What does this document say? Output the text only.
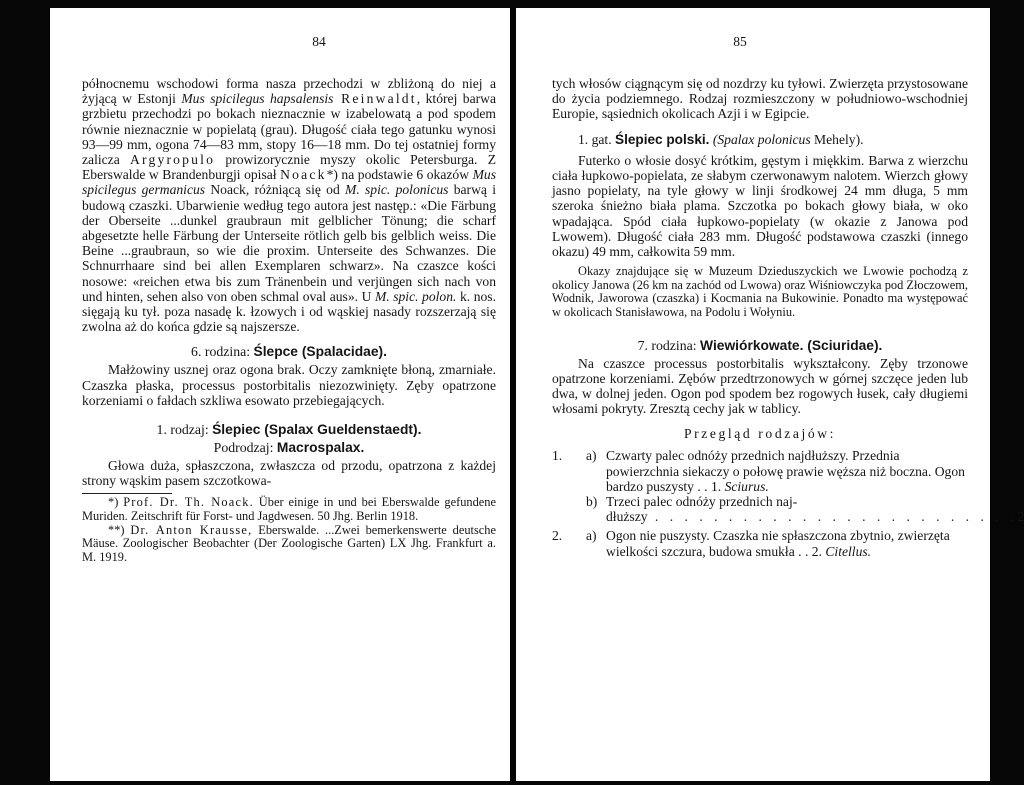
84

północnemu wschodowi forma nasza przechodzi w zbliżoną do niej a żyjącą w Estonji Mus spicilegus hapsalensis Reinwaldt, której barwa grzbietu przechodzi po bokach nieznacznie w izabelowatą a pod spodem równie nieznacznie w popielatą (grau). Długość ciała tego gatunku wynosi 93—99 mm, ogona 74—83 mm, stopy 16—18 mm. Do tej ostatniej formy zalicza Argyropulo prowizorycznie myszy okolic Petersburga. Z Eberswalde w Brandenburgji opisał Noack*) na podstawie 6 okazów Mus spicilegus germanicus Noack, różniącą się od M. spic. polonicus barwą i budową czaszki. Ubarwienie według tego autora jest następ.: «Die Färbung der Oberseite ...dunkel graubraun mit gelblicher Tönung; die scharf abgesetzte helle Färbung der Unterseite rötlich gelb bis gelblich weiss. Die Beine ...graubraun, so wie die proxim. Unterseite des Schwanzes. Die Schnurrhaare sind bei allen Exemplaren schwarz». Na czaszce kości nosowe: «reichen etwa bis zum Tränenbein und verjüngen sich nach von und hinten, sehen also von oben schmal oval aus». U M. spic. polon. k. nos. sięgają ku tył. poza nasadę k. łzowych i od wąskiej nasady rozszerzają się zwolna aż do końca gdzie są najszersze.

6. rodzina: Ślepce (Spalacidae).

Małżowiny usznej oraz ogona brak. Oczy zamknięte błoną, zmarniałe. Czaszka płaska, processus postorbitalis niezozwinięty. Zęby opatrzone korzeniami o fałdach szkliwa esowato przebiegających.

1. rodzaj: Ślepiec (Spalax Gueldenstaedt).
Podrodzaj: Macrospalax.

Głowa duża, spłaszczona, zwłaszcza od przodu, opatrzona z każdej strony wąskim pasem szczotkowa-

*) Prof. Dr. Th. Noack. Über einige in und bei Eberswalde gefundene Muriden. Zeitschrift für Forst- und Jagdwesen. 50 Jhg. Berlin 1918.

**) Dr. Anton Krausse, Eberswalde. ...Zwei bemerkenswerte deutsche Mäuse. Zoologischer Beobachter (Der Zoologische Garten) LX Jhg. Frankfurt a. M. 1919.

85

tych włosów ciągnącym się od nozdrzy ku tyłowi. Zwierzęta przystosowane do życia podziemnego. Rodzaj rozmieszczony w południowo-wschodniej Europie, sąsiednich okolicach Azji i w Egipcie.

1. gat. Ślepiec polski. (Spalax polonicus Mehely).

Futerko o włosie dosyć krótkim, gęstym i miękkim. Barwa z wierzchu ciała łupkowo-popielata, ze słabym czerwonawym nalotem. Wierzch głowy jasno popielaty, na tyle głowy w linji środkowej 24 mm długa, 5 mm szeroka śnieżno biała plama. Szczotka po bokach głowy biała, w oko wpadająca. Spód ciała łupkowo-popielaty (w okazie z Janowa pod Lwowem). Długość ciała 283 mm. Długość podstawowa czaszki (innego okazu) 49 mm, całkowita 59 mm.

Okazy znajdujące się w Muzeum Dzieduszyckich we Lwowie pochodzą z okolicy Janowa (26 km na zachód od Lwowa) oraz Wiśniowczyka pod Złoczowem, Wodnik, Jaworowa (czaszka) i Kocmania na Bukowinie. Ponadto ma występować w okolicach Stanisławowa, na Podolu i Wołyniu.

7. rodzina: Wiewiórkowate. (Sciuridae).

Na czaszce processus postorbitalis wykształcony. Zęby trzonowe opatrzone korzeniami. Zębów przedtrzonowych w górnej szczęce jeden lub dwa, w dolnej jeden. Ogon pod spodem bez rogowych łusek, cały długiemi włosami pokryty. Zresztą cechy jak w tablicy.

Przegląd rodzajów:
1.	a) Czwarty palec odnóży przednich najdłuższy. Przednia powierzchnia siekaczy o połowę prawie węższa niż boczna. Ogon bardzo puszysty . . 1. Sciurus.
b) Trzeci palec odnóży przednich naj-
dłuższy . . . . . . . . . . . . . . . . . . . . . . . . . 2
2.	a) Ogon nie puszysty. Czaszka nie spłaszczona zbytnio, zwierzęta wielkości szczura, budowa smukła . . 2. Citellus.
